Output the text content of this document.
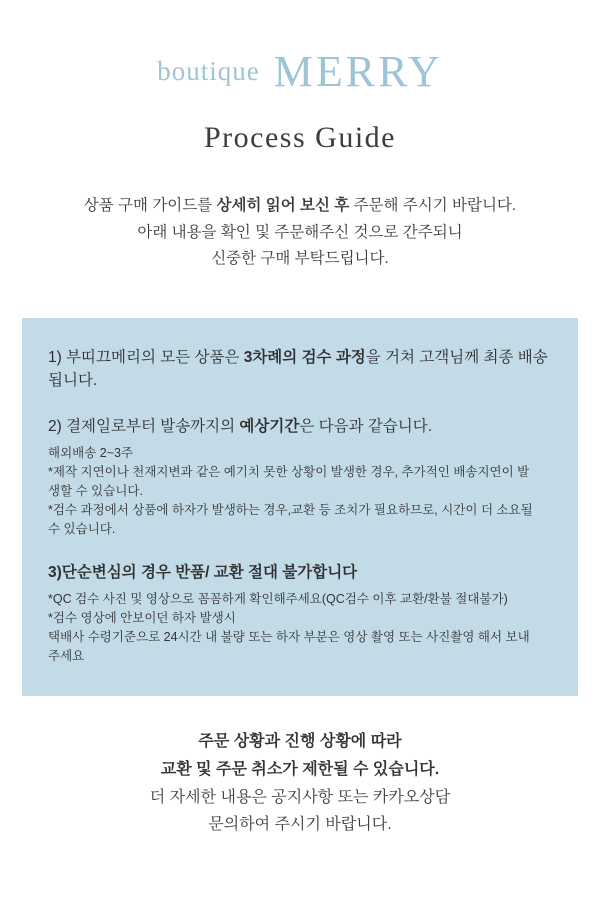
boutique MERRY
Process Guide
상품 구매 가이드를 상세히 읽어 보신 후 주문해 주시기 바랍니다.
아래 내용을 확인 및 주문해주신 것으로 간주되니
신중한 구매 부탁드립니다.
1) 부띠끄메리의 모든 상품은 3차례의 검수 과정을 거쳐 고객님께 최종 배송됩니다.
2) 결제일로부터 발송까지의 예상기간은 다음과 같습니다.
해외배송 2~3주
*제작 지연이나 천재지변과 같은 예기치 못한 상황이 발생한 경우, 추가적인 배송지연이 발
생할 수 있습니다.
*검수 과정에서 상품에 하자가 발생하는 경우,교환 등 조치가 필요하므로, 시간이 더 소요될
수 있습니다.
3)단순변심의 경우 반품/ 교환 절대 불가합니다
*QC 검수 사진 및 영상으로 꼼꼼하게 확인해주세요(QC검수 이후 교환/환불 절대불가)
*검수 영상에 안보이던 하자 발생시
택배사 수령기준으로 24시간 내 불량 또는 하자 부분은 영상 촬영 또는 사진촬영 해서 보내
주세요
주문 상황과 진행 상황에 따라
교환 및 주문 취소가 제한될 수 있습니다.
더 자세한 내용은 공지사항 또는 카카오상담
문의하여 주시기 바랍니다.
